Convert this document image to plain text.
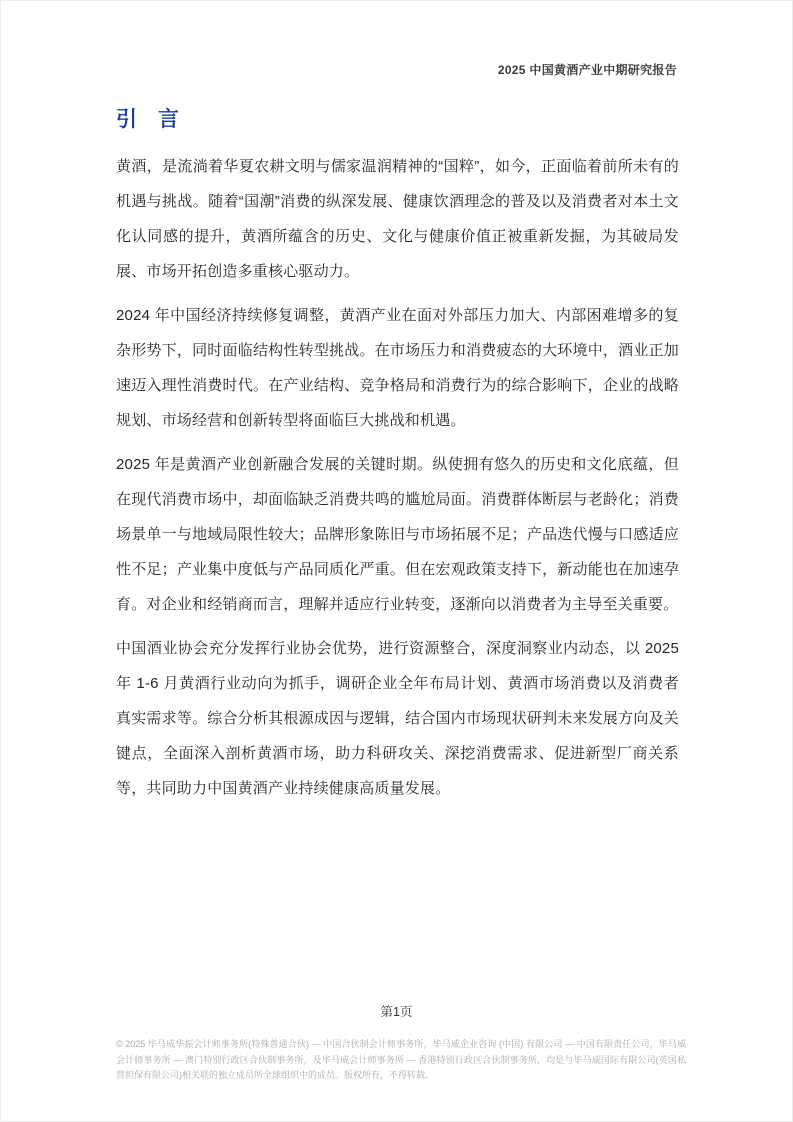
2025 中国黄酒产业中期研究报告
引　言

黄酒，是流淌着华夏农耕文明与儒家温润精神的“国粹”，如今，正面临着前所未有的机遇与挑战。随着“国潮”消费的纵深发展、健康饮酒理念的普及以及消费者对本土文化认同感的提升，黄酒所蕴含的历史、文化与健康价值正被重新发掘，为其破局发展、市场开拓创造多重核心驱动力。

2024 年中国经济持续修复调整，黄酒产业在面对外部压力加大、内部困难增多的复杂形势下，同时面临结构性转型挑战。在市场压力和消费疲态的大环境中，酒业正加速迈入理性消费时代。在产业结构、竞争格局和消费行为的综合影响下，企业的战略规划、市场经营和创新转型将面临巨大挑战和机遇。

2025 年是黄酒产业创新融合发展的关键时期。纵使拥有悠久的历史和文化底蕴，但在现代消费市场中，却面临缺乏消费共鸣的尴尬局面。消费群体断层与老龄化；消费场景单一与地域局限性较大；品牌形象陈旧与市场拓展不足；产品迭代慢与口感适应性不足；产业集中度低与产品同质化严重。但在宏观政策支持下，新动能也在加速孕育。对企业和经销商而言，理解并适应行业转变，逐渐向以消费者为主导至关重要。

中国酒业协会充分发挥行业协会优势，进行资源整合，深度洞察业内动态，以 2025 年 1-6 月黄酒行业动向为抓手，调研企业全年布局计划、黄酒市场消费以及消费者真实需求等。综合分析其根源成因与逻辑，结合国内市场现状研判未来发展方向及关键点，全面深入剖析黄酒市场，助力科研攻关、深挖消费需求、促进新型厂商关系等，共同助力中国黄酒产业持续健康高质量发展。

第1页
© 2025 毕马威华振会计师事务所(特殊普通合伙) — 中国合伙制会计师事务所，毕马威企业咨询 (中国) 有限公司 — 中国有限责任公司，毕马威会计师事务所 — 澳门特别行政区合伙制事务所，及毕马威会计师事务所 — 香港特别行政区合伙制事务所，均是与毕马威国际有限公司(英国私营担保有限公司)相关联的独立成员所全球组织中的成员。版权所有，不得转载。
